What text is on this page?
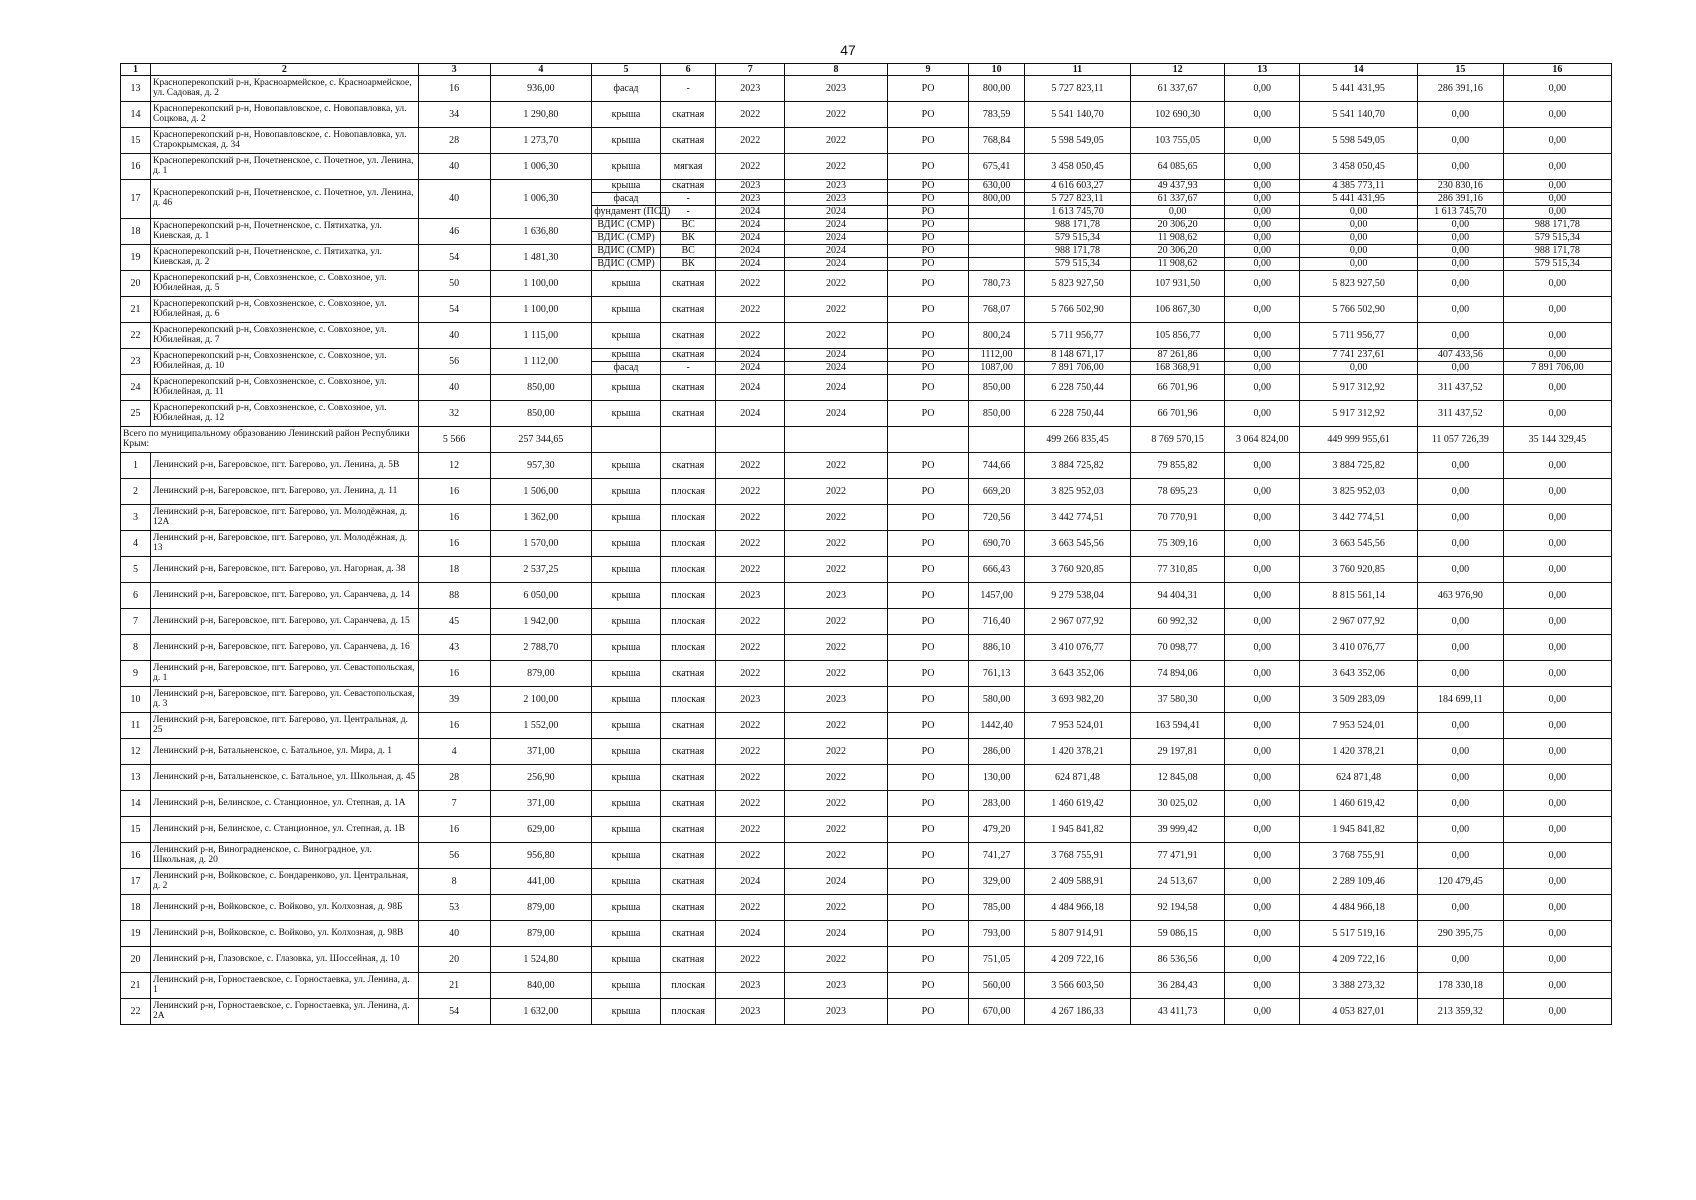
47
1	2	3	4	5	6	7	8	9	10	11	12	13	14	15	16
13	Красноперекопский р-н, Красноармейское, с. Красноармейское, ул. Садовая, д. 2	16	936,00	фасад	-	2023	2023	РО	800,00	5 727 823,11	61 337,67	0,00	5 441 431,95	286 391,16	0,00
14	Красноперекопский р-н, Новопавловское, с. Новопавловка, ул. Соцкова, д. 2	34	1 290,80	крыша	скатная	2022	2022	РО	783,59	5 541 140,70	102 690,30	0,00	5 541 140,70	0,00	0,00
15	Красноперекопский р-н, Новопавловское, с. Новопавловка, ул. Старокрымская, д. 34	28	1 273,70	крыша	скатная	2022	2022	РО	768,84	5 598 549,05	103 755,05	0,00	5 598 549,05	0,00	0,00
16	Красноперекопский р-н, Почетненское, с. Почетное, ул. Ленина, д. 1	40	1 006,30	крыша	мягкая	2022	2022	РО	675,41	3 458 050,45	64 085,65	0,00	3 458 050,45	0,00	0,00
17	Красноперекопский р-н, Почетненское, с. Почетное, ул. Ленина, д. 46	40	1 006,30	крыша	скатная	2023	2023	РО	630,00	4 616 603,27	49 437,93	0,00	4 385 773,11	230 830,16	0,00
				фасад	-	2023	2023	РО	800,00	5 727 823,11	61 337,67	0,00	5 441 431,95	286 391,16	0,00
				фундамент (ПСД)	-	2024	2024	РО		1 613 745,70	0,00	0,00	0,00	1 613 745,70	0,00
18	Красноперекопский р-н, Почетненское, с. Пятихатка, ул. Киевская, д. 1	46	1 636,80	ВДИС (СМР)	ВС	2024	2024	РО		988 171,78	20 306,20	0,00	0,00	0,00	988 171,78
				ВДИС (СМР)	ВК	2024	2024	РО		579 515,34	11 908,62	0,00	0,00	0,00	579 515,34
19	Красноперекопский р-н, Почетненское, с. Пятихатка, ул. Киевская, д. 2	54	1 481,30	ВДИС (СМР)	ВС	2024	2024	РО		988 171,78	20 306,20	0,00	0,00	0,00	988 171,78
				ВДИС (СМР)	ВК	2024	2024	РО		579 515,34	11 908,62	0,00	0,00	0,00	579 515,34
20	Красноперекопский р-н, Совхозненское, с. Совхозное, ул. Юбилейная, д. 5	50	1 100,00	крыша	скатная	2022	2022	РО	780,73	5 823 927,50	107 931,50	0,00	5 823 927,50	0,00	0,00
21	Красноперекопский р-н, Совхозненское, с. Совхозное, ул. Юбилейная, д. 6	54	1 100,00	крыша	скатная	2022	2022	РО	768,07	5 766 502,90	106 867,30	0,00	5 766 502,90	0,00	0,00
22	Красноперекопский р-н, Совхозненское, с. Совхозное, ул. Юбилейная, д. 7	40	1 115,00	крыша	скатная	2022	2022	РО	800,24	5 711 956,77	105 856,77	0,00	5 711 956,77	0,00	0,00
23	Красноперекопский р-н, Совхозненское, с. Совхозное, ул. Юбилейная, д. 10	56	1 112,00	крыша	скатная	2024	2024	РО	1112,00	8 148 671,17	87 261,86	0,00	7 741 237,61	407 433,56	0,00
				фасад	-	2024	2024	РО	1087,00	7 891 706,00	168 368,91	0,00	0,00	0,00	7 891 706,00
24	Красноперекопский р-н, Совхозненское, с. Совхозное, ул. Юбилейная, д. 11	40	850,00	крыша	скатная	2024	2024	РО	850,00	6 228 750,44	66 701,96	0,00	5 917 312,92	311 437,52	0,00
25	Красноперекопский р-н, Совхозненское, с. Совхозное, ул. Юбилейная, д. 12	32	850,00	крыша	скатная	2024	2024	РО	850,00	6 228 750,44	66 701,96	0,00	5 917 312,92	311 437,52	0,00
Всего по муниципальному образованию Ленинский район Республики Крым:		5 566	257 344,65							499 266 835,45	8 769 570,15	3 064 824,00	449 999 955,61	11 057 726,39	35 144 329,45
1	Ленинский р-н, Багеровское, пгт. Багерово, ул. Ленина, д. 5В	12	957,30	крыша	скатная	2022	2022	РО	744,66	3 884 725,82	79 855,82	0,00	3 884 725,82	0,00	0,00
2	Ленинский р-н, Багеровское, пгт. Багерово, ул. Ленина, д. 11	16	1 506,00	крыша	плоская	2022	2022	РО	669,20	3 825 952,03	78 695,23	0,00	3 825 952,03	0,00	0,00
3	Ленинский р-н, Багеровское, пгт. Багерово, ул. Молодёжная, д. 12А	16	1 362,00	крыша	плоская	2022	2022	РО	720,56	3 442 774,51	70 770,91	0,00	3 442 774,51	0,00	0,00
4	Ленинский р-н, Багеровское, пгт. Багерово, ул. Молодёжная, д. 13	16	1 570,00	крыша	плоская	2022	2022	РО	690,70	3 663 545,56	75 309,16	0,00	3 663 545,56	0,00	0,00
5	Ленинский р-н, Багеровское, пгт. Багерово, ул. Нагорная, д. 38	18	2 537,25	крыша	плоская	2022	2022	РО	666,43	3 760 920,85	77 310,85	0,00	3 760 920,85	0,00	0,00
6	Ленинский р-н, Багеровское, пгт. Багерово, ул. Саранчева, д. 14	88	6 050,00	крыша	плоская	2023	2023	РО	1457,00	9 279 538,04	94 404,31	0,00	8 815 561,14	463 976,90	0,00
7	Ленинский р-н, Багеровское, пгт. Багерово, ул. Саранчева, д. 15	45	1 942,00	крыша	плоская	2022	2022	РО	716,40	2 967 077,92	60 992,32	0,00	2 967 077,92	0,00	0,00
8	Ленинский р-н, Багеровское, пгт. Багерово, ул. Саранчева, д. 16	43	2 788,70	крыша	плоская	2022	2022	РО	886,10	3 410 076,77	70 098,77	0,00	3 410 076,77	0,00	0,00
9	Ленинский р-н, Багеровское, пгт. Багерово, ул. Севастопольская, д. 1	16	879,00	крыша	скатная	2022	2022	РО	761,13	3 643 352,06	74 894,06	0,00	3 643 352,06	0,00	0,00
10	Ленинский р-н, Багеровское, пгт. Багерово, ул. Севастопольская, д. 3	39	2 100,00	крыша	плоская	2023	2023	РО	580,00	3 693 982,20	37 580,30	0,00	3 509 283,09	184 699,11	0,00
11	Ленинский р-н, Багеровское, пгт. Багерово, ул. Центральная, д. 25	16	1 552,00	крыша	скатная	2022	2022	РО	1442,40	7 953 524,01	163 594,41	0,00	7 953 524,01	0,00	0,00
12	Ленинский р-н, Батальненское, с. Батальное, ул. Мира, д. 1	4	371,00	крыша	скатная	2022	2022	РО	286,00	1 420 378,21	29 197,81	0,00	1 420 378,21	0,00	0,00
13	Ленинский р-н, Батальненское, с. Батальное, ул. Школьная, д. 45	28	256,90	крыша	скатная	2022	2022	РО	130,00	624 871,48	12 845,08	0,00	624 871,48	0,00	0,00
14	Ленинский р-н, Белинское, с. Станционное, ул. Степная, д. 1А	7	371,00	крыша	скатная	2022	2022	РО	283,00	1 460 619,42	30 025,02	0,00	1 460 619,42	0,00	0,00
15	Ленинский р-н, Белинское, с. Станционное, ул. Степная, д. 1В	16	629,00	крыша	скатная	2022	2022	РО	479,20	1 945 841,82	39 999,42	0,00	1 945 841,82	0,00	0,00
16	Ленинский р-н, Виноградненское, с. Виноградное, ул. Школьная, д. 20	56	956,80	крыша	скатная	2022	2022	РО	741,27	3 768 755,91	77 471,91	0,00	3 768 755,91	0,00	0,00
17	Ленинский р-н, Войковское, с. Бондаренково, ул. Центральная, д. 2	8	441,00	крыша	скатная	2024	2024	РО	329,00	2 409 588,91	24 513,67	0,00	2 289 109,46	120 479,45	0,00
18	Ленинский р-н, Войковское, с. Войково, ул. Колхозная, д. 98Б	53	879,00	крыша	скатная	2022	2022	РО	785,00	4 484 966,18	92 194,58	0,00	4 484 966,18	0,00	0,00
19	Ленинский р-н, Войковское, с. Войково, ул. Колхозная, д. 98В	40	879,00	крыша	скатная	2024	2024	РО	793,00	5 807 914,91	59 086,15	0,00	5 517 519,16	290 395,75	0,00
20	Ленинский р-н, Глазовское, с. Глазовка, ул. Шоссейная, д. 10	20	1 524,80	крыша	скатная	2022	2022	РО	751,05	4 209 722,16	86 536,56	0,00	4 209 722,16	0,00	0,00
21	Ленинский р-н, Горностаевское, с. Горностаевка, ул. Ленина, д. 1	21	840,00	крыша	плоская	2023	2023	РО	560,00	3 566 603,50	36 284,43	0,00	3 388 273,32	178 330,18	0,00
22	Ленинский р-н, Горностаевское, с. Горностаевка, ул. Ленина, д. 2А	54	1 632,00	крыша	плоская	2023	2023	РО	670,00	4 267 186,33	43 411,73	0,00	4 053 827,01	213 359,32	0,00
